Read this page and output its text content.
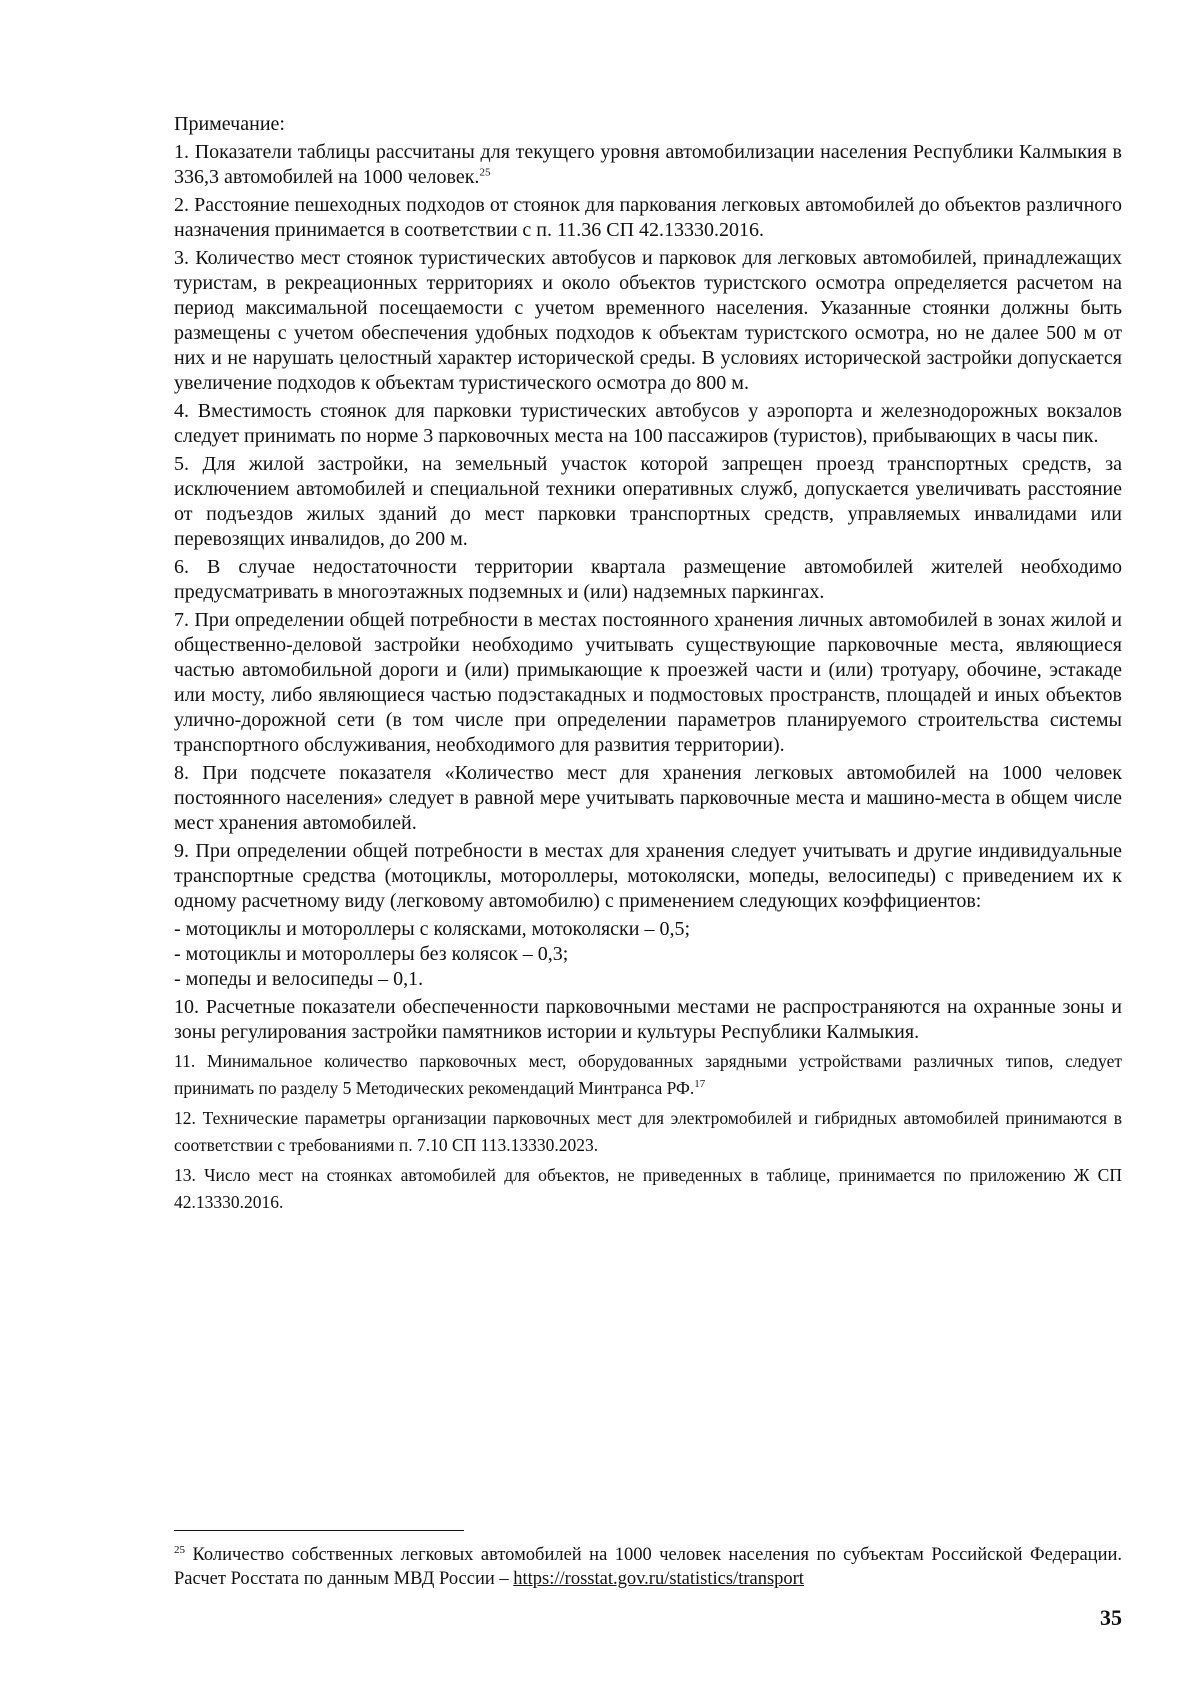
Примечание:

1. Показатели таблицы рассчитаны для текущего уровня автомобилизации населения Республики Калмыкия в 336,3 автомобилей на 1000 человек.$^{25}$

2. Расстояние пешеходных подходов от стоянок для паркования легковых автомобилей до объектов различного назначения принимается в соответствии с п. 11.36 СП 42.13330.2016.

3. Количество мест стоянок туристических автобусов и парковок для легковых автомобилей, принадлежащих туристам, в рекреационных территориях и около объектов туристского осмотра определяется расчетом на период максимальной посещаемости с учетом временного населения. Указанные стоянки должны быть размещены с учетом обеспечения удобных подходов к объектам туристского осмотра, но не далее 500 м от них и не нарушать целостный характер исторической среды. В условиях исторической застройки допускается увеличение подходов к объектам туристического осмотра до 800 м.

4. Вместимость стоянок для парковки туристических автобусов у аэропорта и железнодорожных вокзалов следует принимать по норме 3 парковочных места на 100 пассажиров (туристов), прибывающих в часы пик.

5. Для жилой застройки, на земельный участок которой запрещен проезд транспортных средств, за исключением автомобилей и специальной техники оперативных служб, допускается увеличивать расстояние от подъездов жилых зданий до мест парковки транспортных средств, управляемых инвалидами или перевозящих инвалидов, до 200 м.

6. В случае недостаточности территории квартала размещение автомобилей жителей необходимо предусматривать в многоэтажных подземных и (или) надземных паркингах.

7. При определении общей потребности в местах постоянного хранения личных автомобилей в зонах жилой и общественно-деловой застройки необходимо учитывать существующие парковочные места, являющиеся частью автомобильной дороги и (или) примыкающие к проезжей части и (или) тротуару, обочине, эстакаде или мосту, либо являющиеся частью подэстакадных и подмостовых пространств, площадей и иных объектов улично-дорожной сети (в том числе при определении параметров планируемого строительства системы транспортного обслуживания, необходимого для развития территории).

8. При подсчете показателя «Количество мест для хранения легковых автомобилей на 1000 человек постоянного населения» следует в равной мере учитывать парковочные места и машино-места в общем числе мест хранения автомобилей.

9. При определении общей потребности в местах для хранения следует учитывать и другие индивидуальные транспортные средства (мотоциклы, мотороллеры, мотоколяски, мопеды, велосипеды) с приведением их к одному расчетному виду (легковому автомобилю) с применением следующих коэффициентов:

- мотоциклы и мотороллеры с колясками, мотоколяски – 0,5;

- мотоциклы и мотороллеры без колясок – 0,3;

- мопеды и велосипеды – 0,1.

10. Расчетные показатели обеспеченности парковочными местами не распространяются на охранные зоны и зоны регулирования застройки памятников истории и культуры Республики Калмыкия.

11. Минимальное количество парковочных мест, оборудованных зарядными устройствами различных типов, следует принимать по разделу 5 Методических рекомендаций Минтранса РФ.$^{17}$

12. Технические параметры организации парковочных мест для электромобилей и гибридных автомобилей принимаются в соответствии с требованиями п. 7.10 СП 113.13330.2023.

13. Число мест на стоянках автомобилей для объектов, не приведенных в таблице, принимается по приложению Ж СП 42.13330.2016.

$^{25}$ Количество собственных легковых автомобилей на 1000 человек населения по субъектам Российской Федерации. Расчет Росстата по данным МВД России – https://rosstat.gov.ru/statistics/transport

35
